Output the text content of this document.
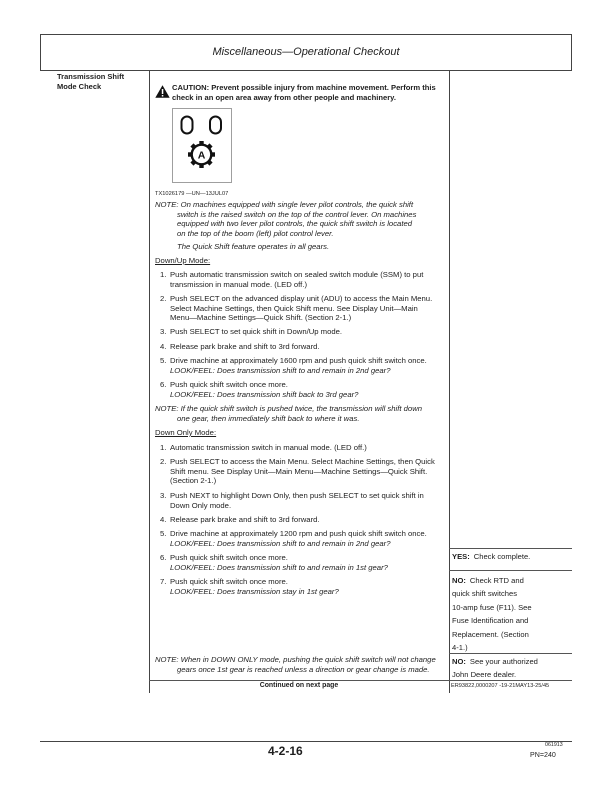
Miscellaneous—Operational Checkout
Transmission Shift
Mode Check	CAUTION: Prevent possible injury from machine movement. Perform this
check in an open area away from other people and machinery.
A
TX1026179 —UN—13JUL07
NOTE: On machines equipped with single lever pilot controls, the quick shift
switch is the raised switch on the top of the control lever. On machines
equipped with two lever pilot controls, the quick shift switch is located
on the top of the boom (left) pilot control lever.
The Quick Shift feature operates in all gears.
Down/Up Mode:
1. Push automatic transmission switch on sealed switch module (SSM) to put
transmission in manual mode. (LED off.)
2. Push SELECT on the advanced display unit (ADU) to access the Main Menu.
Select Machine Settings, then Quick Shift menu. See Display Unit—Main
Menu—Machine Settings—Quick Shift. (Section 2-1.)
3. Push SELECT to set quick shift in Down/Up mode.
4. Release park brake and shift to 3rd forward.
5. Drive machine at approximately 1600 rpm and push quick shift switch once.
LOOK/FEEL: Does transmission shift to and remain in 2nd gear?
6. Push quick shift switch once more.
LOOK/FEEL: Does transmission shift back to 3rd gear?
NOTE: If the quick shift switch is pushed twice, the transmission will shift down
one gear, then immediately shift back to where it was.
Down Only Mode:
1. Automatic transmission switch in manual mode. (LED off.)
2. Push SELECT to access the Main Menu. Select Machine Settings, then Quick
Shift menu. See Display Unit—Main Menu—Machine Settings—Quick Shift.
(Section 2-1.)
3. Push NEXT to highlight Down Only, then push SELECT to set quick shift in
Down Only mode.
4. Release park brake and shift to 3rd forward.
5. Drive machine at approximately 1200 rpm and push quick shift switch once.
LOOK/FEEL: Does transmission shift to and remain in 2nd gear?
6. Push quick shift switch once more.
LOOK/FEEL: Does transmission shift to and remain in 1st gear?
7. Push quick shift switch once more.
LOOK/FEEL: Does transmission stay in 1st gear?
NOTE: When in DOWN ONLY mode, pushing the quick shift switch will not change
gears once 1st gear is reached unless a direction or gear change is made.
YES: Check complete.
NO: Check RTD and
quick shift switches
10-amp fuse (F11). See
Fuse Identification and
Replacement. (Section
4-1.)
NO: See your authorized
John Deere dealer.
Continued on next page	ER93822,0000207 -19-21MAY13-25/45
4-2-16	061913
PN=240
